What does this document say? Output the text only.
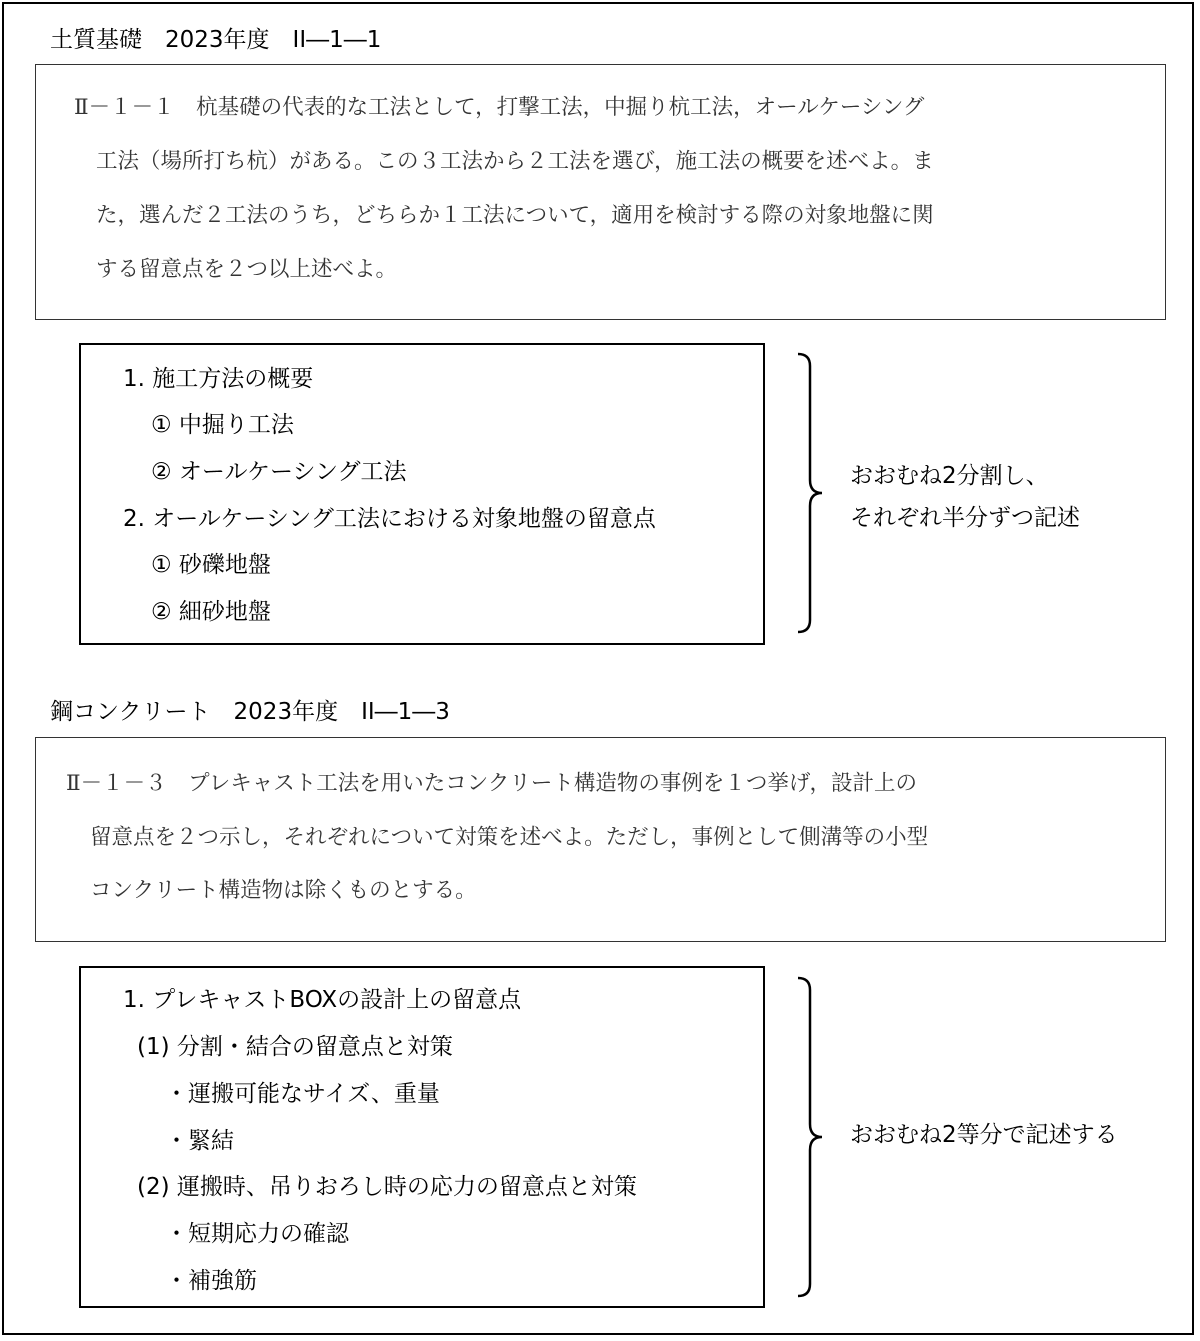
土質基礎　2023年度　II―1―1
Ⅱ－１－１　杭基礎の代表的な工法として，打撃工法，中掘り杭工法，オールケーシング
工法（場所打ち杭）がある。この３工法から２工法を選び，施工法の概要を述べよ。ま
た，選んだ２工法のうち，どちらか１工法について，適用を検討する際の対象地盤に関
する留意点を２つ以上述べよ。
1. 施工方法の概要
① 中掘り工法
② オールケーシング工法
2. オールケーシング工法における対象地盤の留意点
① 砂礫地盤
② 細砂地盤
おおむね2分割し、
それぞれ半分ずつ記述
鋼コンクリート　2023年度　II―1―3
Ⅱ－１－３　プレキャスト工法を用いたコンクリート構造物の事例を１つ挙げ，設計上の
留意点を２つ示し，それぞれについて対策を述べよ。ただし，事例として側溝等の小型
コンクリート構造物は除くものとする。
1. プレキャストBOXの設計上の留意点
(1) 分割・結合の留意点と対策
・運搬可能なサイズ、重量
・緊結
(2) 運搬時、吊りおろし時の応力の留意点と対策
・短期応力の確認
・補強筋
おおむね2等分で記述する
